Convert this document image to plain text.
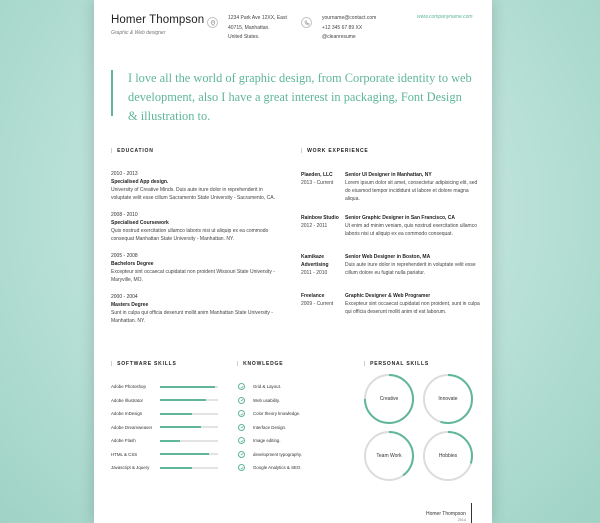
Homer Thompson
Graphic & Web designer
1234 Park Ave 12XX, East
40715, Manhattan.
United States.
yourname@contact.com
+12 345 67 89 XX
@cleanresume
www.companyname.com
I love all the world of graphic design, from Corporate identity to web development, also I have a great interest in packaging, Font Design & illustration to.
| EDUCATION
2010 - 2013
Specialised App design.
University of Creative Minds. Duis aute irure dolor in reprehenderit in voluptate velit esse cillum Sacramento State University - Sacramento, CA.
2008 - 2010
Specialised Coursework
Quis nostrud exercitation ullamco laboris nisi ut aliquip ex ea commodo consequat Manhattan State University - Manhattan. NY.
2005 - 2008
Bachelors Degree
Excepteur sint occaecat cupidatat non proident Wissouri State University - Maryville, MO.
2000 - 2004
Masters Degree
Sunt in culpa qui officia deserunt mollit anim Manhattan State University - Manhattan. NY.
| WORK EXPERIENCE
Plaeden, LLC
2013 - Current
Senior UI Designer in Manhattan, NY
Lorem ipsum dolor sit amet, consectetur adipisicing elit, sed do eiusmod tempor incididunt ut labore et dolore magna aliqua.
Rainbow Studio
2012 - 2011
Senior Graphic Designer in San Francisco, CA
Ut enim ad minim veniam, quis nostrud exercitation ullamco laboris nisi ut aliquip ex ea commodo consequat.
Kamikaze Advertising
2011 - 2010
Senior Web Designer in Boston, MA
Duis aute irure dolor in reprehenderit in voluptate velit esse cillum dolore eu fugiat nulla pariatur.
Freelance
2009 - Current
Graphic Designer & Web Programer
Excepteur sint occaecat cupidatat non proident, sunt in culpa qui officia deserunt mollit anim id est laborum.
| SOFTWARE SKILLS
Adobe Photoshop
Adobe Illustrator
Adobe InDesign
Adobe Dreamweaver
Adobe Flash
HTML & CSS
Javascript & Jquery
| KNOWLEDGE
Grid & Layout.
Web usability.
Color theory knowledge.
Interface Design.
Image editing.
development typography.
Google Analytics & SEO.
| PERSONAL SKILLS
Creative	Innovate
Team Work	Hobbies
Homer Thompson
2014
